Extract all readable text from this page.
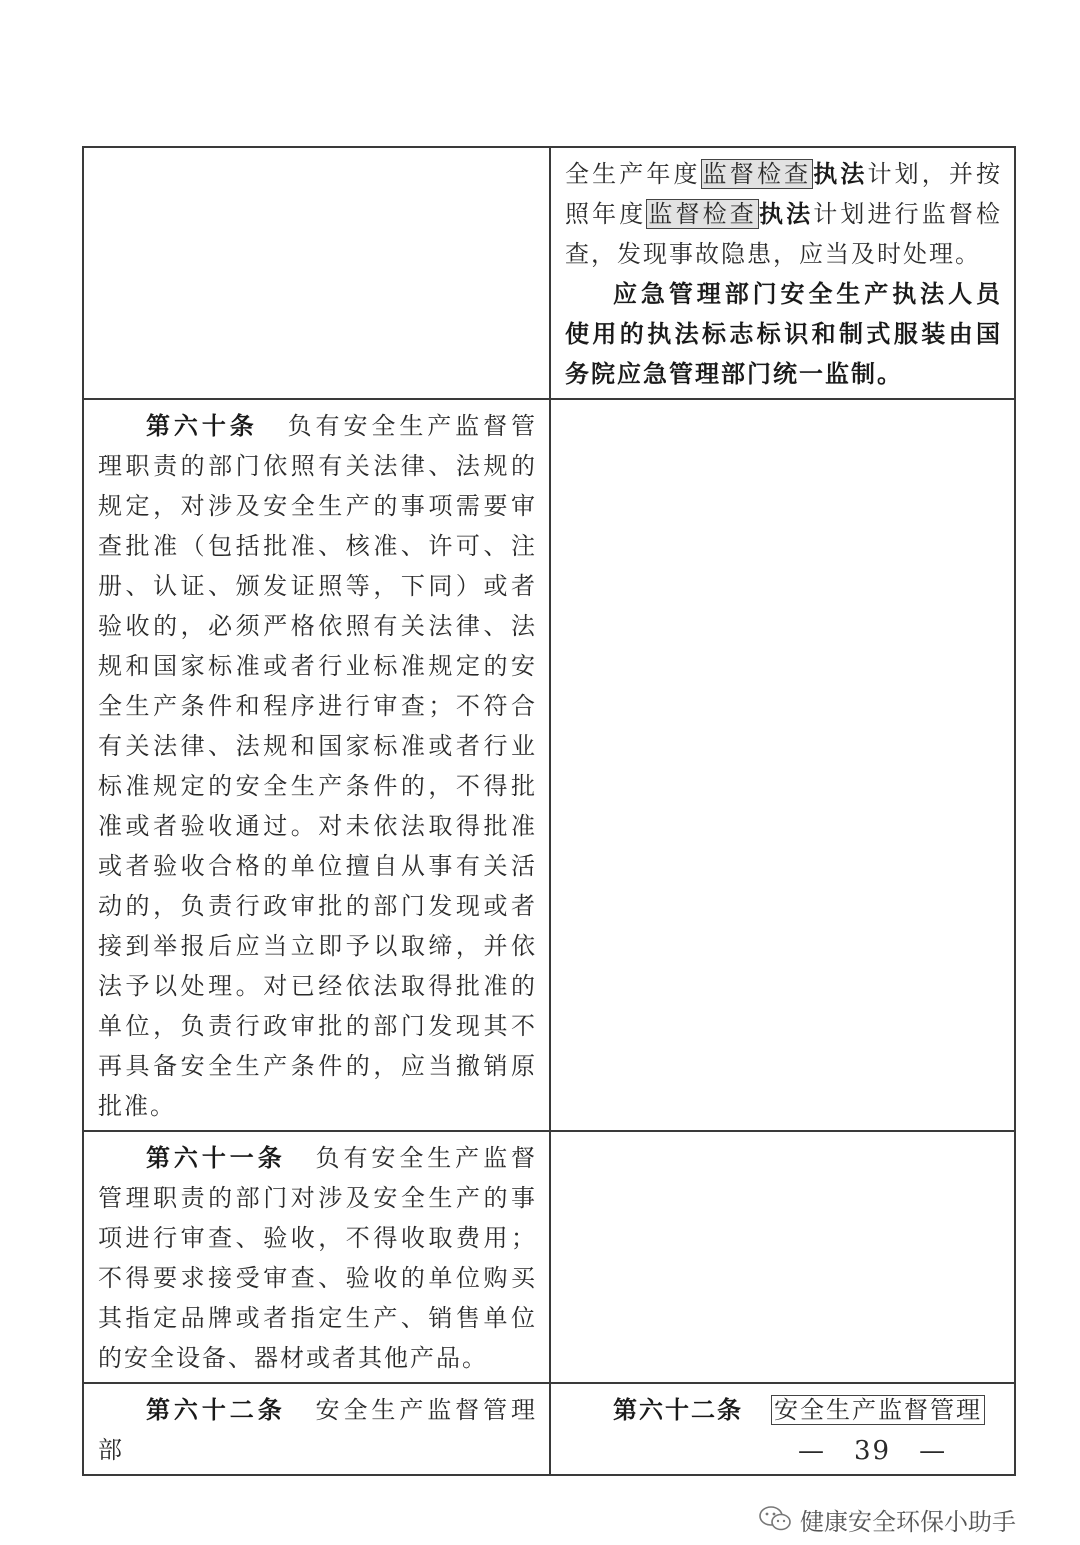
	全生产年度监督检查执法计划，并按照年度监督检查执法计划进行监督检查，发现事故隐患，应当及时处理。

应急管理部门安全生产执法人员使用的执法标志标识和制式服装由国务院应急管理部门统一监制。

第六十条 负有安全生产监督管理职责的部门依照有关法律、法规的规定，对涉及安全生产的事项需要审查批准（包括批准、核准、许可、注册、认证、颁发证照等，下同）或者验收的，必须严格依照有关法律、法规和国家标准或者行业标准规定的安全生产条件和程序进行审查；不符合有关法律、法规和国家标准或者行业标准规定的安全生产条件的，不得批准或者验收通过。对未依法取得批准或者验收合格的单位擅自从事有关活动的，负责行政审批的部门发现或者接到举报后应当立即予以取缔，并依法予以处理。对已经依法取得批准的单位，负责行政审批的部门发现其不再具备安全生产条件的，应当撤销原批准。	

第六十一条 负有安全生产监督管理职责的部门对涉及安全生产的事项进行审查、验收，不得收取费用；不得要求接受审查、验收的单位购买其指定品牌或者指定生产、销售单位的安全设备、器材或者其他产品。	

第六十二条 安全生产监督管理部	第六十二条 安全生产监督管理

—　39　—
健康安全环保小助手
